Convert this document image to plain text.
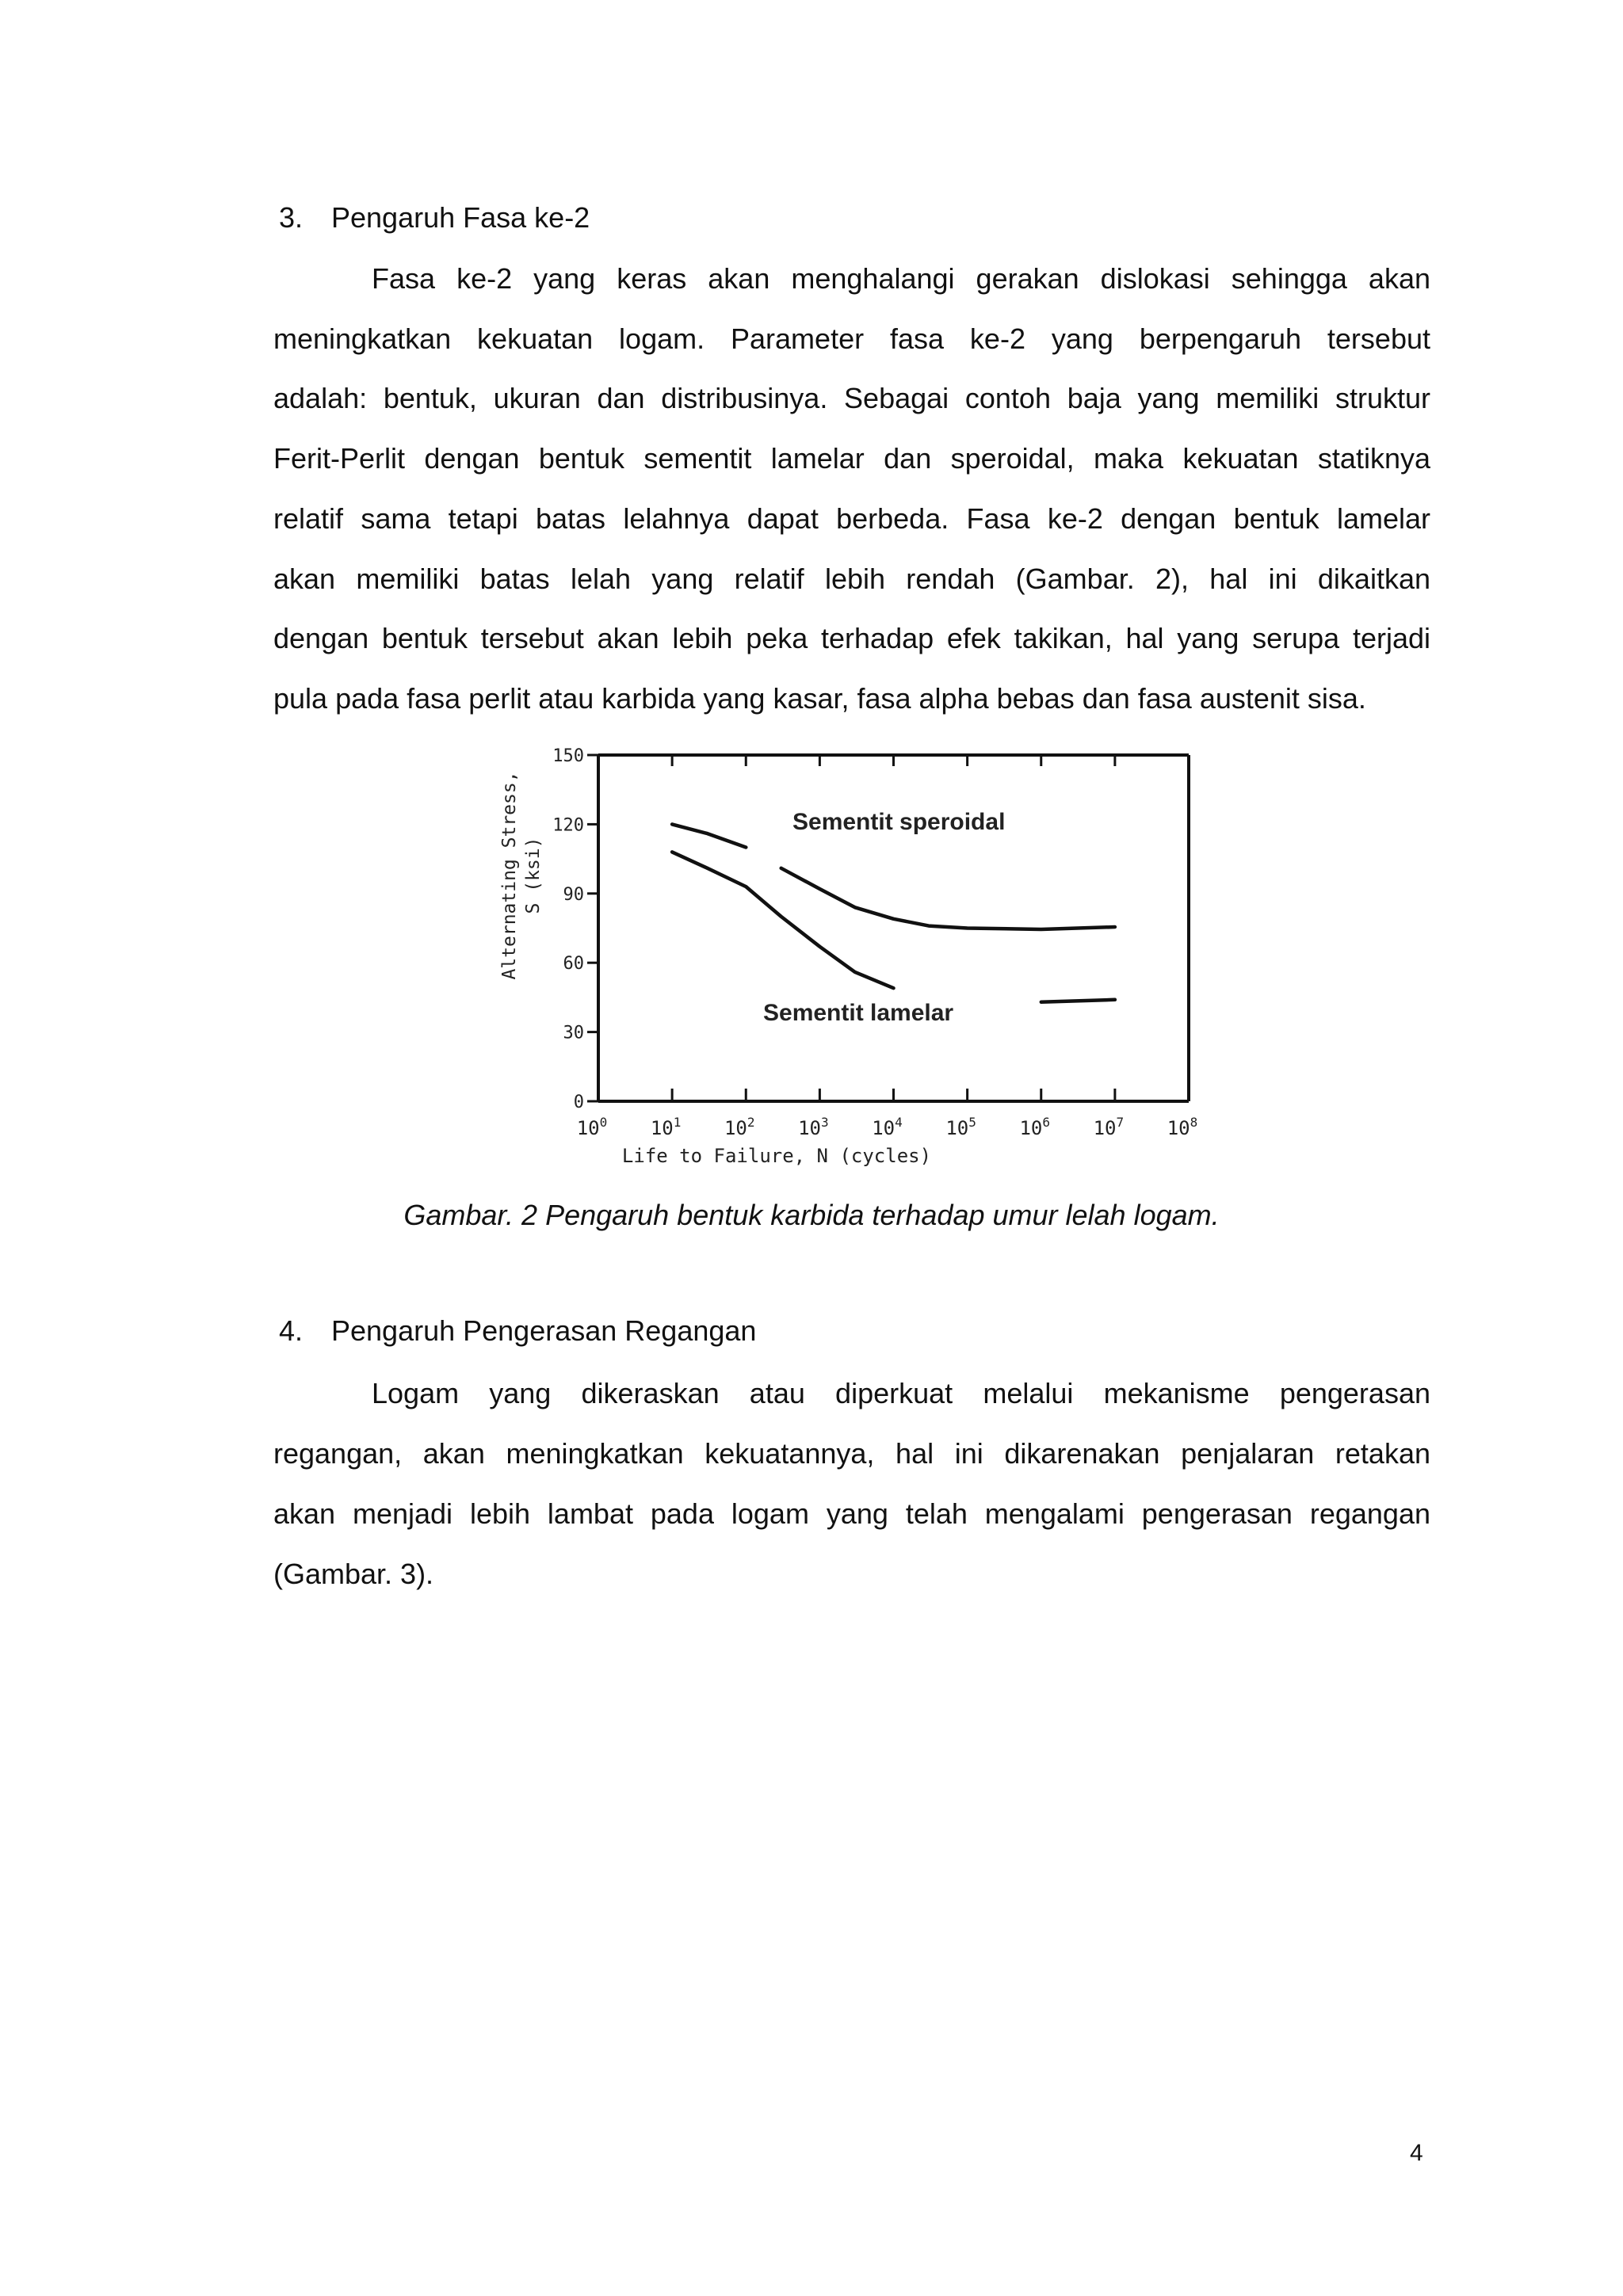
3. Pengaruh Fasa ke-2
Fasa ke-2 yang keras akan menghalangi gerakan dislokasi sehingga akan
meningkatkan kekuatan logam. Parameter fasa ke-2 yang berpengaruh tersebut
adalah: bentuk, ukuran dan distribusinya. Sebagai contoh baja yang memiliki struktur
Ferit-Perlit dengan bentuk sementit lamelar dan speroidal, maka kekuatan statiknya
relatif sama tetapi batas lelahnya dapat berbeda. Fasa ke-2 dengan bentuk lamelar
akan memiliki batas lelah yang relatif lebih rendah (Gambar. 2), hal ini dikaitkan
dengan bentuk tersebut akan lebih peka terhadap efek takikan, hal yang serupa terjadi
pula pada fasa perlit atau karbida yang kasar, fasa alpha bebas dan fasa austenit sisa.
Alternating Stress, S (ksi)
Life to Failure, N (cycles)
Sementit speroidal
Sementit lamelar
0
30
60
90
120
150
$10^0$ $10^1$ $10^2$ $10^3$ $10^4$ $10^5$ $10^6$ $10^7$ $10^8$
Gambar. 2 Pengaruh bentuk karbida terhadap umur lelah logam.
4. Pengaruh Pengerasan Regangan
Logam yang dikeraskan atau diperkuat melalui mekanisme pengerasan
regangan, akan meningkatkan kekuatannya, hal ini dikarenakan penjalaran retakan
akan menjadi lebih lambat pada logam yang telah mengalami pengerasan regangan
(Gambar. 3).
4
